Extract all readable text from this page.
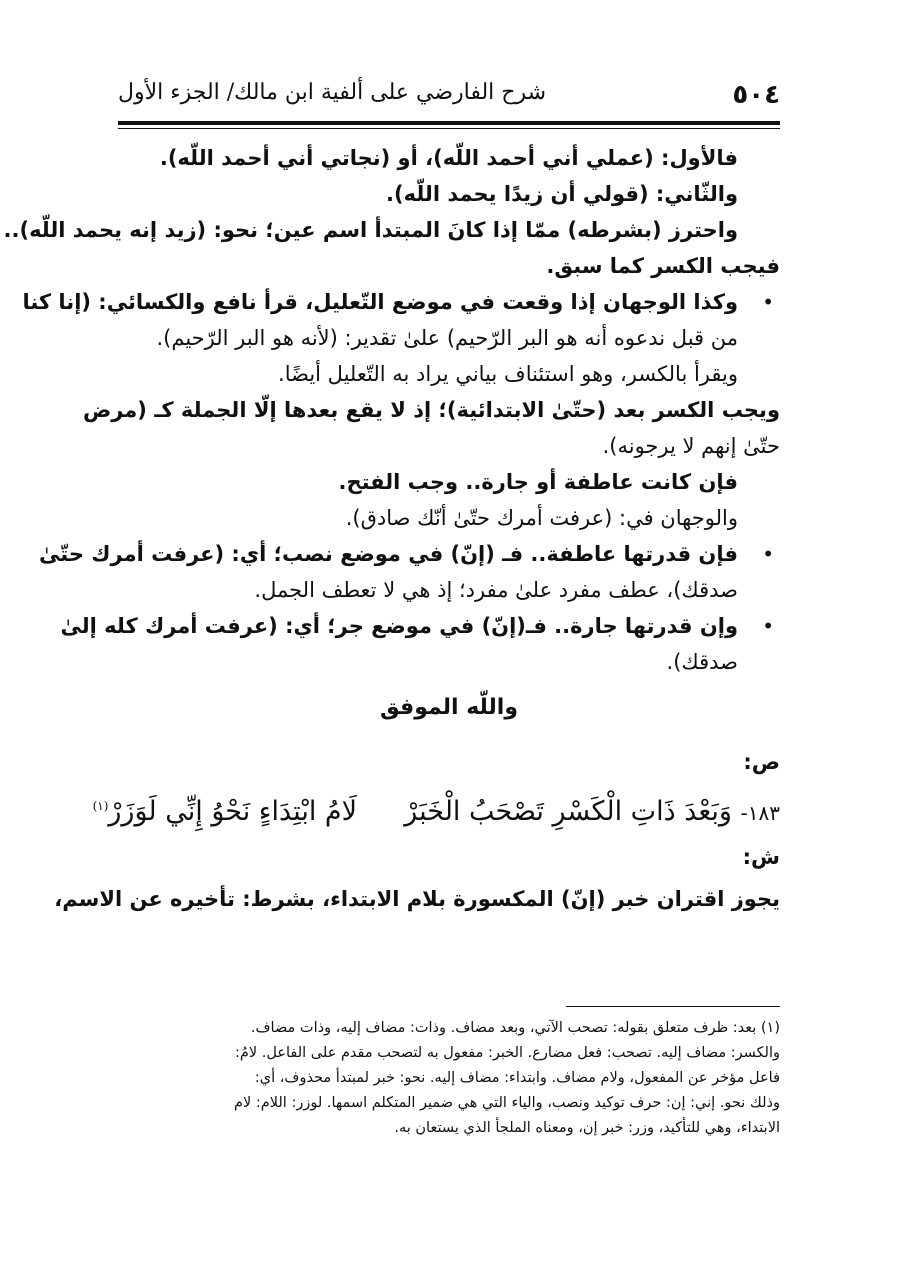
٥٠٤
شرح الفارضي على ألفية ابن مالك/ الجزء الأول
فالأول: (عملي أني أحمد اللّه)، أو (نجاتي أني أحمد اللّه).
والثّاني: (قولي أن زيدًا يحمد اللّه).
واحترز (بشرطه) ممّا إذا كانَ المبتدأ اسم عين؛ نحو: (زيد إنه يحمد اللّه)..
فيجب الكسر كما سبق.
• وكذا الوجهان إذا وقعت في موضع التّعليل، قرأ نافع والكسائي: (إنا كنا
من قبل ندعوه أنه هو البر الرّحيم) علىٰ تقدير: (لأنه هو البر الرّحيم).
ويقرأ بالكسر، وهو استئناف بياني يراد به التّعليل أيضًا.
ويجب الكسر بعد (حتّىٰ الابتدائية)؛ إذ لا يقع بعدها إلّا الجملة كـ (مرض
حتّىٰ إنهم لا يرجونه).
فإن كانت عاطفة أو جارة.. وجب الفتح.
والوجهان في: (عرفت أمرك حتّىٰ أنّك صادق).
• فإن قدرتها عاطفة.. فـ (إنّ) في موضع نصب؛ أي: (عرفت أمرك حتّىٰ
صدقك)، عطف مفرد علىٰ مفرد؛ إذ هي لا تعطف الجمل.
• وإن قدرتها جارة.. فـ(إنّ) في موضع جر؛ أي: (عرفت أمرك كله إلىٰ
صدقك).
واللّه الموفق
ص:
١٨٣- وَبَعْدَ ذَاتِ الْكَسْرِ تَصْحَبُ الْخَبَرْ  لَامُ ابْتِدَاءٍ نَحْوُ إِنِّي لَوَزَرْ$^{(١)}$
ش:
يجوز اقتران خبر (إنّ) المكسورة بلام الابتداء، بشرط: تأخيره عن الاسم،
(١) بعد: ظرف متعلق بقوله: تصحب الآتي، وبعد مضاف. وذات: مضاف إليه، وذات مضاف.
والكسر: مضاف إليه. تصحب: فعل مضارع. الخبر: مفعول به لتصحب مقدم على الفاعل. لامُ:
فاعل مؤخر عن المفعول، ولام مضاف. وابتداء: مضاف إليه. نحو: خبر لمبتدأ محذوف، أي:
وذلك نحو. إني: إن: حرف توكيد ونصب، والياء التي هي ضمير المتكلم اسمها. لوزر: اللام: لام
الابتداء، وهي للتأكيد، وزر: خبر إن، ومعناه الملجأ الذي يستعان به.
